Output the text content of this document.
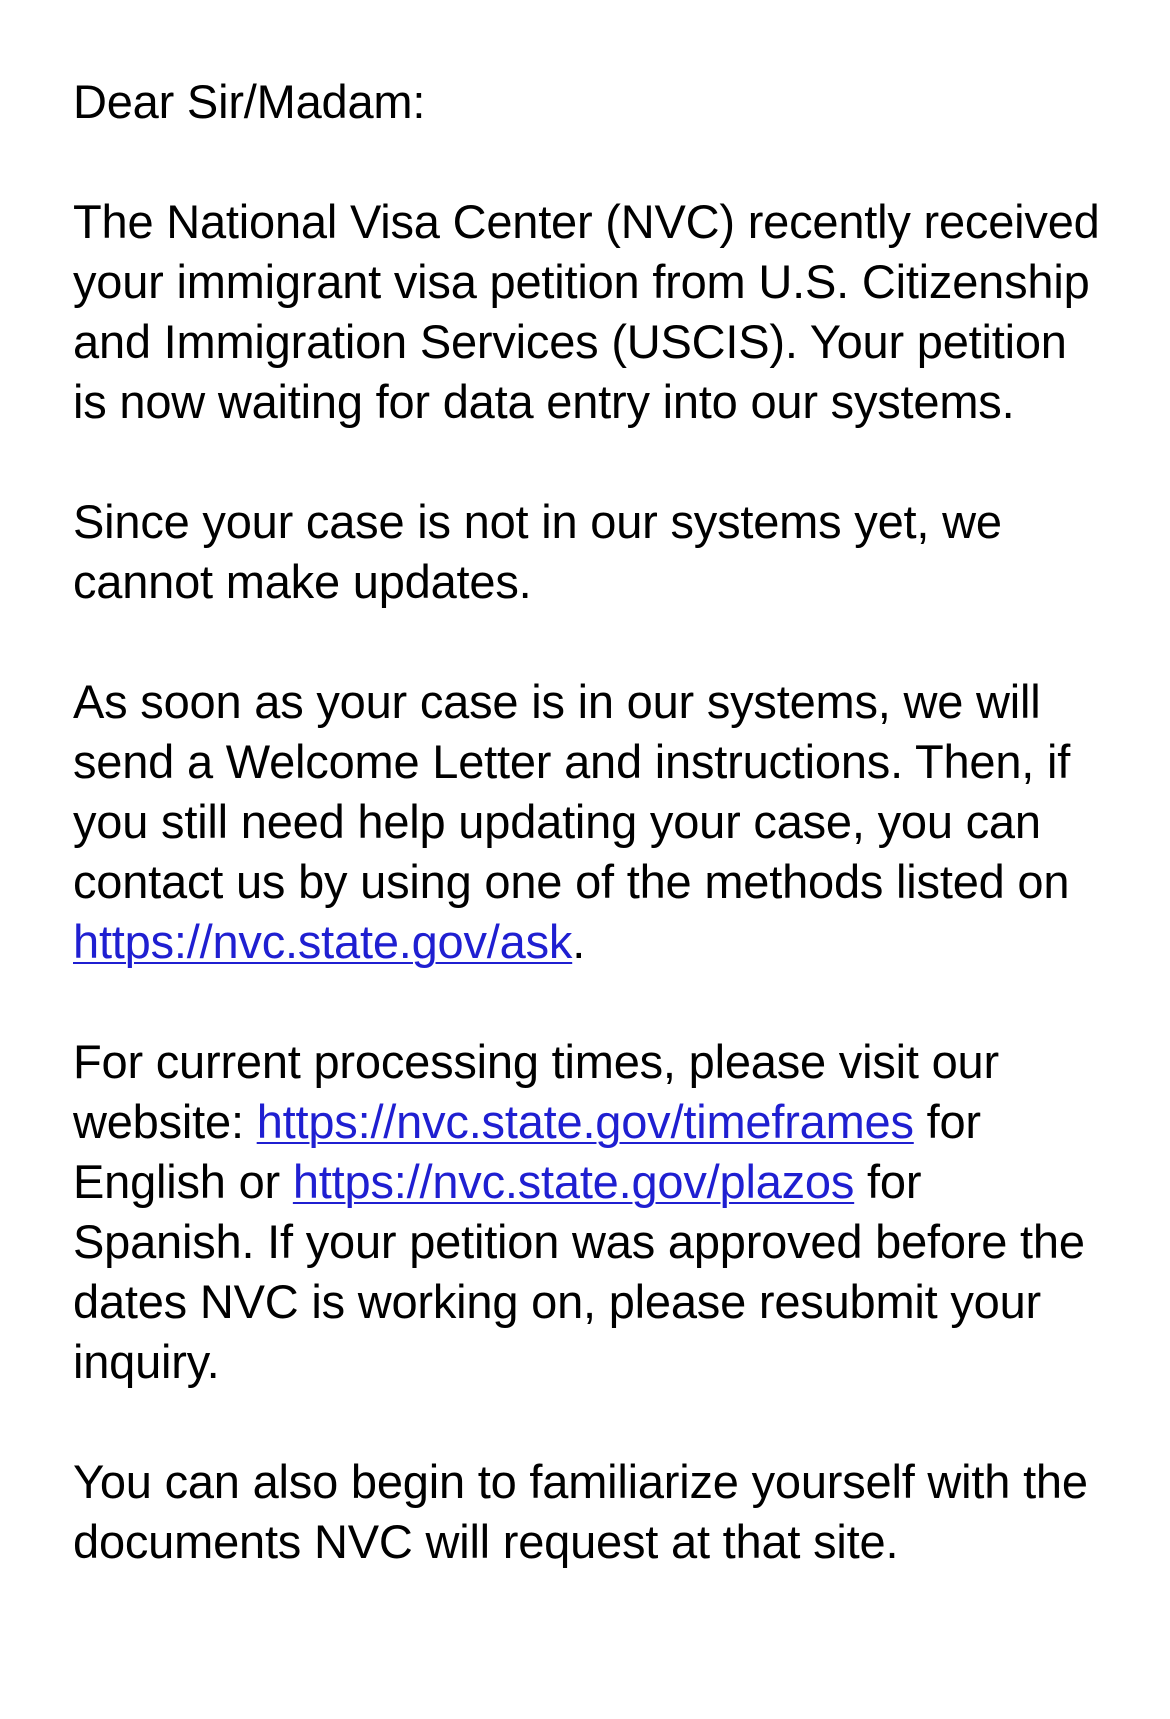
Dear Sir/Madam:

The National Visa Center (NVC) recently received your immigrant visa petition from U.S. Citizenship and Immigration Services (USCIS). Your petition is now waiting for data entry into our systems.

Since your case is not in our systems yet, we cannot make updates.

As soon as your case is in our systems, we will send a Welcome Letter and instructions. Then, if you still need help updating your case, you can contact us by using one of the methods listed on https://nvc.state.gov/ask.

For current processing times, please visit our website: https://nvc.state.gov/timeframes for English or https://nvc.state.gov/plazos for Spanish. If your petition was approved before the dates NVC is working on, please resubmit your inquiry.

You can also begin to familiarize yourself with the documents NVC will request at that site.
